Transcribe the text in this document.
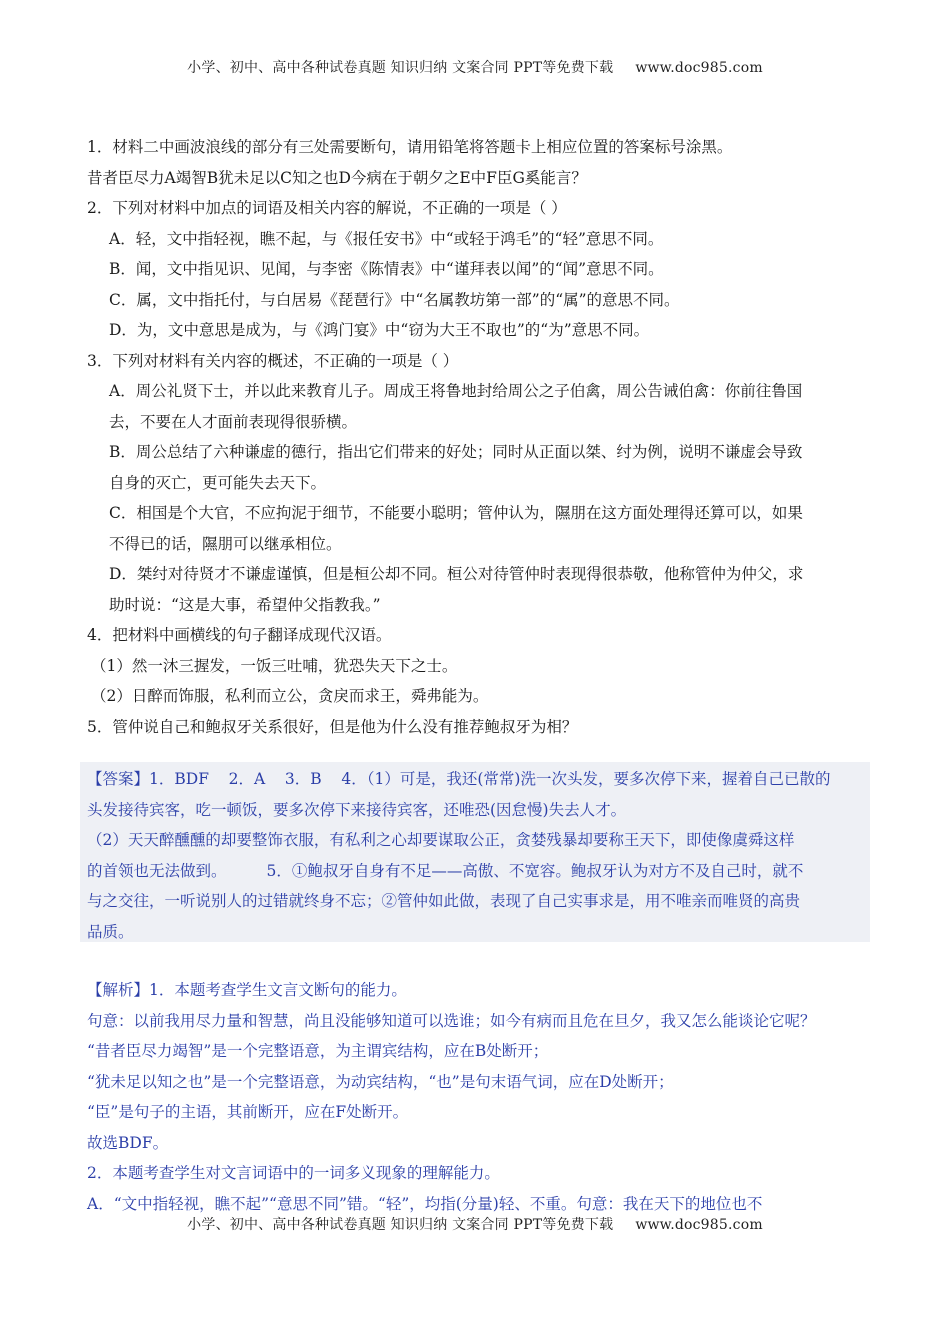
小学、初中、高中各种试卷真题 知识归纳 文案合同 PPT等免费下载 www.doc985.com
1．材料二中画波浪线的部分有三处需要断句，请用铅笔将答题卡上相应位置的答案标号涂黑。
昔者臣尽力A竭智B犹未足以C知之也D今病在于朝夕之E中F臣G奚能言？
2．下列对材料中加点的词语及相关内容的解说，不正确的一项是（ ）
A．轻，文中指轻视，瞧不起，与《报任安书》中“或轻于鸿毛”的“轻”意思不同。
B．闻，文中指见识、见闻，与李密《陈情表》中“谨拜表以闻”的“闻”意思不同。
C．属，文中指托付，与白居易《琵琶行》中“名属教坊第一部”的“属”的意思不同。
D．为，文中意思是成为，与《鸿门宴》中“窃为大王不取也”的“为”意思不同。
3．下列对材料有关内容的概述，不正确的一项是（ ）
A．周公礼贤下士，并以此来教育儿子。周成王将鲁地封给周公之子伯禽，周公告诫伯禽：你前往鲁国
去，不要在人才面前表现得很骄横。
B．周公总结了六种谦虚的德行，指出它们带来的好处；同时从正面以桀、纣为例，说明不谦虚会导致
自身的灭亡，更可能失去天下。
C．相国是个大官，不应拘泥于细节，不能要小聪明；管仲认为，隰朋在这方面处理得还算可以，如果
不得已的话，隰朋可以继承相位。
D．桀纣对待贤才不谦虚谨慎，但是桓公却不同。桓公对待管仲时表现得很恭敬，他称管仲为仲父，求
助时说：“这是大事，希望仲父指教我。”
4．把材料中画横线的句子翻译成现代汉语。
（1）然一沐三握发，一饭三吐哺，犹恐失天下之士。
（2）日醉而饰服，私利而立公，贪戾而求王，舜弗能为。
5．管仲说自己和鲍叔牙关系很好，但是他为什么没有推荐鲍叔牙为相？
【答案】1．BDF    2．A    3．B    4．（1）可是，我还(常常)洗一次头发，要多次停下来，握着自己已散的
头发接待宾客，吃一顿饭，要多次停下来接待宾客，还唯恐(因怠慢)失去人才。
（2）天天醉醺醺的却要整饰衣服，有私利之心却要谋取公正，贪婪残暴却要称王天下，即使像虞舜这样
的首领也无法做到。	5．①鲍叔牙自身有不足——高傲、不宽容。鲍叔牙认为对方不及自己时，就不
与之交往，一听说别人的过错就终身不忘；②管仲如此做，表现了自己实事求是，用不唯亲而唯贤的高贵
品质。
【解析】1．本题考查学生文言文断句的能力。
句意：以前我用尽力量和智慧，尚且没能够知道可以选谁；如今有病而且危在旦夕，我又怎么能谈论它呢？
“昔者臣尽力竭智”是一个完整语意，为主谓宾结构，应在B处断开；
“犹未足以知之也”是一个完整语意，为动宾结构，“也”是句末语气词，应在D处断开；
“臣”是句子的主语，其前断开，应在F处断开。
故选BDF。
2．本题考查学生对文言词语中的一词多义现象的理解能力。
A．“文中指轻视，瞧不起”“意思不同”错。“轻”，均指(分量)轻、不重。句意：我在天下的地位也不
小学、初中、高中各种试卷真题 知识归纳 文案合同 PPT等免费下载 www.doc985.com
